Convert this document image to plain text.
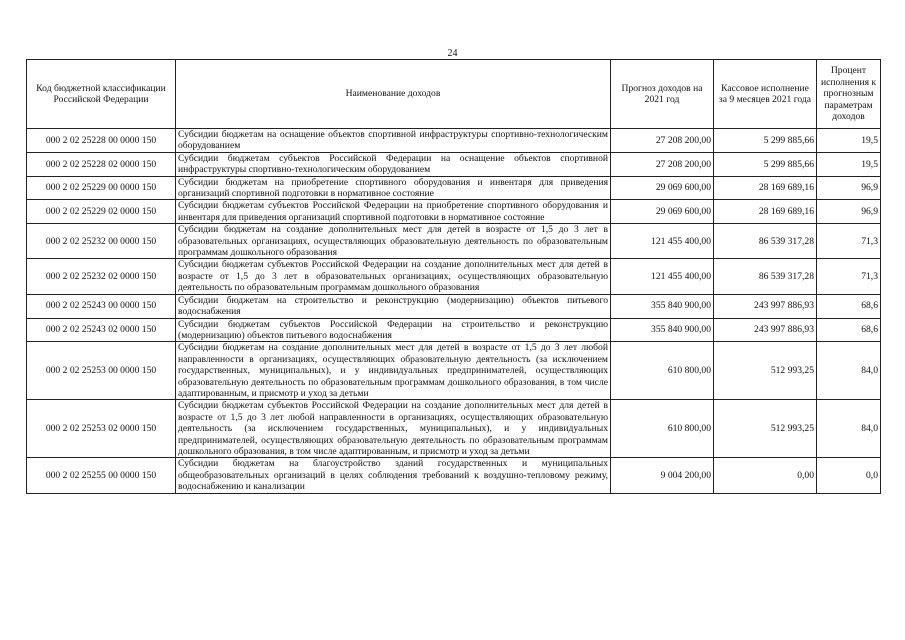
24
Код бюджетной классификации Российской Федерации	Наименование доходов	Прогноз доходов на 2021 год	Кассовое исполнение за 9 месяцев 2021 года	Процент исполнения к прогнозным параметрам доходов
000 2 02 25228 00 0000 150	Субсидии бюджетам на оснащение объектов спортивной инфраструктуры спортивно-технологическим оборудованием	27 208 200,00	5 299 885,66	19,5
000 2 02 25228 02 0000 150	Субсидии бюджетам субъектов Российской Федерации на оснащение объектов спортивной инфраструктуры спортивно-технологическим оборудованием	27 208 200,00	5 299 885,66	19,5
000 2 02 25229 00 0000 150	Субсидии бюджетам на приобретение спортивного оборудования и инвентаря для приведения организаций спортивной подготовки в нормативное состояние	29 069 600,00	28 169 689,16	96,9
000 2 02 25229 02 0000 150	Субсидии бюджетам субъектов Российской Федерации на приобретение спортивного оборудования и инвентаря для приведения организаций спортивной подготовки в нормативное состояние	29 069 600,00	28 169 689,16	96,9
000 2 02 25232 00 0000 150	Субсидии бюджетам на создание дополнительных мест для детей в возрасте от 1,5 до 3 лет в образовательных организациях, осуществляющих образовательную деятельность по образовательным программам дошкольного образования	121 455 400,00	86 539 317,28	71,3
000 2 02 25232 02 0000 150	Субсидии бюджетам субъектов Российской Федерации на создание дополнительных мест для детей в возрасте от 1,5 до 3 лет в образовательных организациях, осуществляющих образовательную деятельность по образовательным программам дошкольного образования	121 455 400,00	86 539 317,28	71,3
000 2 02 25243 00 0000 150	Субсидии бюджетам на строительство и реконструкцию (модернизацию) объектов питьевого водоснабжения	355 840 900,00	243 997 886,93	68,6
000 2 02 25243 02 0000 150	Субсидии бюджетам субъектов Российской Федерации на строительство и реконструкцию (модернизацию) объектов питьевого водоснабжения	355 840 900,00	243 997 886,93	68,6
000 2 02 25253 00 0000 150	Субсидии бюджетам на создание дополнительных мест для детей в возрасте от 1,5 до 3 лет любой направленности в организациях, осуществляющих образовательную деятельность (за исключением государственных, муниципальных), и у индивидуальных предпринимателей, осуществляющих образовательную деятельность по образовательным программам дошкольного образования, в том числе адаптированным, и присмотр и уход за детьми	610 800,00	512 993,25	84,0
000 2 02 25253 02 0000 150	Субсидии бюджетам субъектов Российской Федерации на создание дополнительных мест для детей в возрасте от 1,5 до 3 лет любой направленности в организациях, осуществляющих образовательную деятельность (за исключением государственных, муниципальных), и у индивидуальных предпринимателей, осуществляющих образовательную деятельность по образовательным программам дошкольного образования, в том числе адаптированным, и присмотр и уход за детьми	610 800,00	512 993,25	84,0
000 2 02 25255 00 0000 150	Субсидии бюджетам на благоустройство зданий государственных и муниципальных общеобразовательных организаций в целях соблюдения требований к воздушно-тепловому режиму, водоснабжению и канализации	9 004 200,00	0,00	0,0
